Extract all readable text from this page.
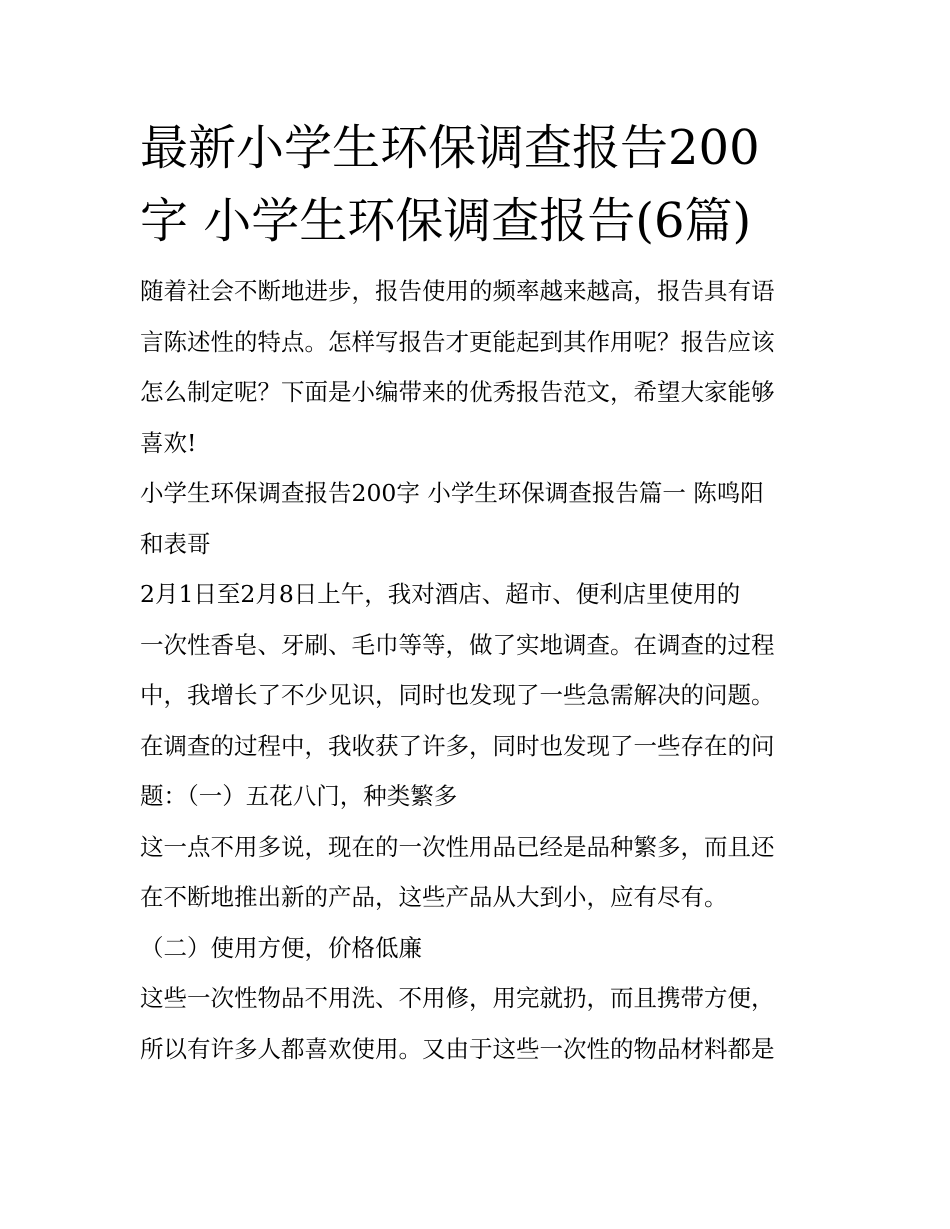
最新小学生环保调查报告200
字 小学生环保调查报告(6篇)
随着社会不断地进步，报告使用的频率越来越高，报告具有语
言陈述性的特点。怎样写报告才更能起到其作用呢？报告应该
怎么制定呢？下面是小编带来的优秀报告范文，希望大家能够
喜欢!
小学生环保调查报告200字 小学生环保调查报告篇一 陈鸣阳
和表哥
2月1日至2月8日上午，我对酒店、超市、便利店里使用的
一次性香皂、牙刷、毛巾等等，做了实地调查。在调查的过程
中，我增长了不少见识，同时也发现了一些急需解决的问题。
在调查的过程中，我收获了许多，同时也发现了一些存在的问
题：（一）五花八门，种类繁多
这一点不用多说，现在的一次性用品已经是品种繁多，而且还
在不断地推出新的产品，这些产品从大到小，应有尽有。
（二）使用方便，价格低廉
这些一次性物品不用洗、不用修，用完就扔，而且携带方便，
所以有许多人都喜欢使用。又由于这些一次性的物品材料都是
